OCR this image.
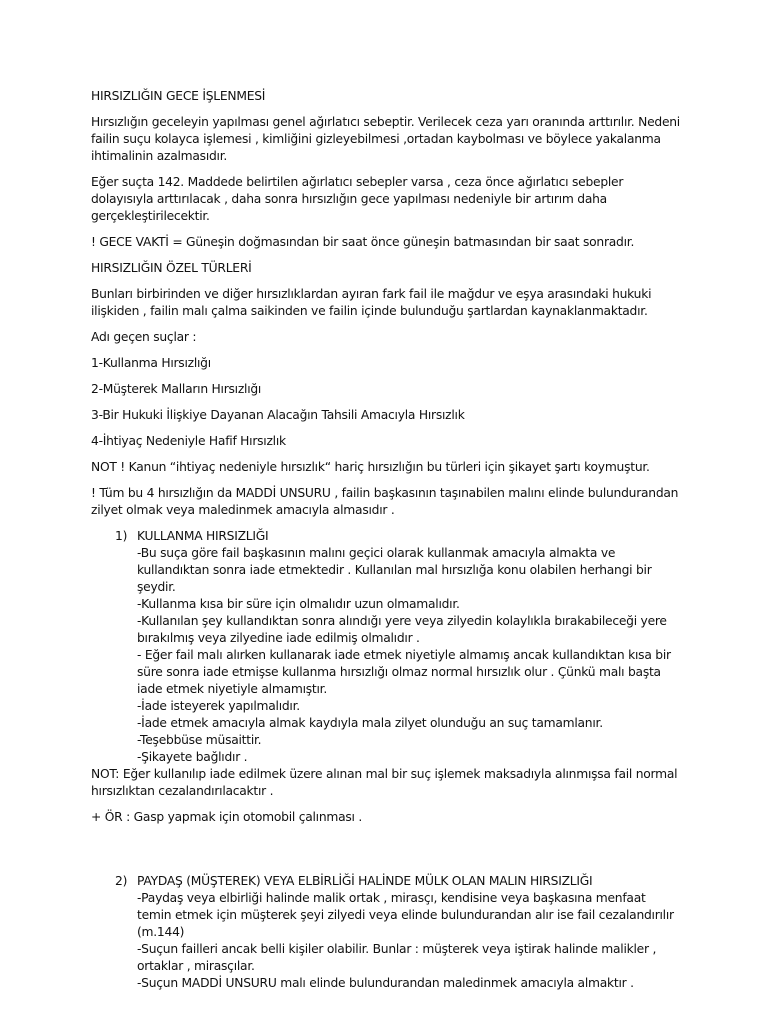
HIRSIZLIĞIN GECE İŞLENMESİ

Hırsızlığın geceleyin yapılması genel ağırlatıcı sebeptir. Verilecek ceza yarı oranında arttırılır. Nedeni failin suçu kolayca işlemesi , kimliğini gizleyebilmesi ,ortadan kaybolması ve böylece yakalanma ihtimalinin azalmasıdır.

Eğer suçta 142. Maddede belirtilen ağırlatıcı sebepler varsa , ceza önce ağırlatıcı sebepler dolayısıyla arttırılacak , daha sonra hırsızlığın gece yapılması nedeniyle bir artırım daha gerçekleştirilecektir.

! GECE VAKTİ = Güneşin doğmasından bir saat önce güneşin batmasından bir saat sonradır.

HIRSIZLIĞIN ÖZEL TÜRLERİ

Bunları birbirinden ve diğer hırsızlıklardan ayıran fark fail ile mağdur ve eşya arasındaki hukuki ilişkiden , failin malı çalma saikinden ve failin içinde bulunduğu şartlardan kaynaklanmaktadır.

Adı geçen suçlar :

1-Kullanma Hırsızlığı

2-Müşterek Malların Hırsızlığı

3-Bir Hukuki İlişkiye Dayanan Alacağın Tahsili Amacıyla Hırsızlık

4-İhtiyaç Nedeniyle Hafif Hırsızlık

NOT ! Kanun “ihtiyaç nedeniyle hırsızlık“ hariç hırsızlığın bu türleri için şikayet şartı koymuştur.

! Tüm bu 4 hırsızlığın da MADDİ UNSURU , failin başkasının taşınabilen malını elinde bulundurandan zilyet olmak veya maledinmek amacıyla almasıdır .

1) KULLANMA HIRSIZLIĞI
-Bu suça göre fail başkasının malını geçici olarak kullanmak amacıyla almakta ve kullandıktan sonra iade etmektedir . Kullanılan mal hırsızlığa konu olabilen herhangi bir şeydir.
-Kullanma kısa bir süre için olmalıdır uzun olmamalıdır.
-Kullanılan şey kullandıktan sonra alındığı yere veya zilyedin kolaylıkla bırakabileceği yere bırakılmış veya zilyedine iade edilmiş olmalıdır .
- Eğer fail malı alırken kullanarak iade etmek niyetiyle almamış ancak kullandıktan kısa bir süre sonra iade etmişse kullanma hırsızlığı olmaz normal hırsızlık olur . Çünkü malı başta iade etmek niyetiyle almamıştır.
-İade isteyerek yapılmalıdır.
-İade etmek amacıyla almak kaydıyla mala zilyet olunduğu an suç tamamlanır.
-Teşebbüse müsaittir.
-Şikayete bağlıdır .

NOT: Eğer kullanılıp iade edilmek üzere alınan mal bir suç işlemek maksadıyla alınmışsa fail normal hırsızlıktan cezalandırılacaktır .

+ ÖR : Gasp yapmak için otomobil çalınması .

2) PAYDAŞ (MÜŞTEREK) VEYA ELBİRLİĞİ HALİNDE MÜLK OLAN MALIN HIRSIZLIĞI
-Paydaş veya elbirliği halinde malik ortak , mirasçı, kendisine veya başkasına menfaat temin etmek için müşterek şeyi zilyedi veya elinde bulundurandan alır ise fail cezalandırılır (m.144)
-Suçun failleri ancak belli kişiler olabilir. Bunlar : müşterek veya iştirak halinde malikler , ortaklar , mirasçılar.
-Suçun MADDİ UNSURU malı elinde bulundurandan maledinmek amacıyla almaktır .
